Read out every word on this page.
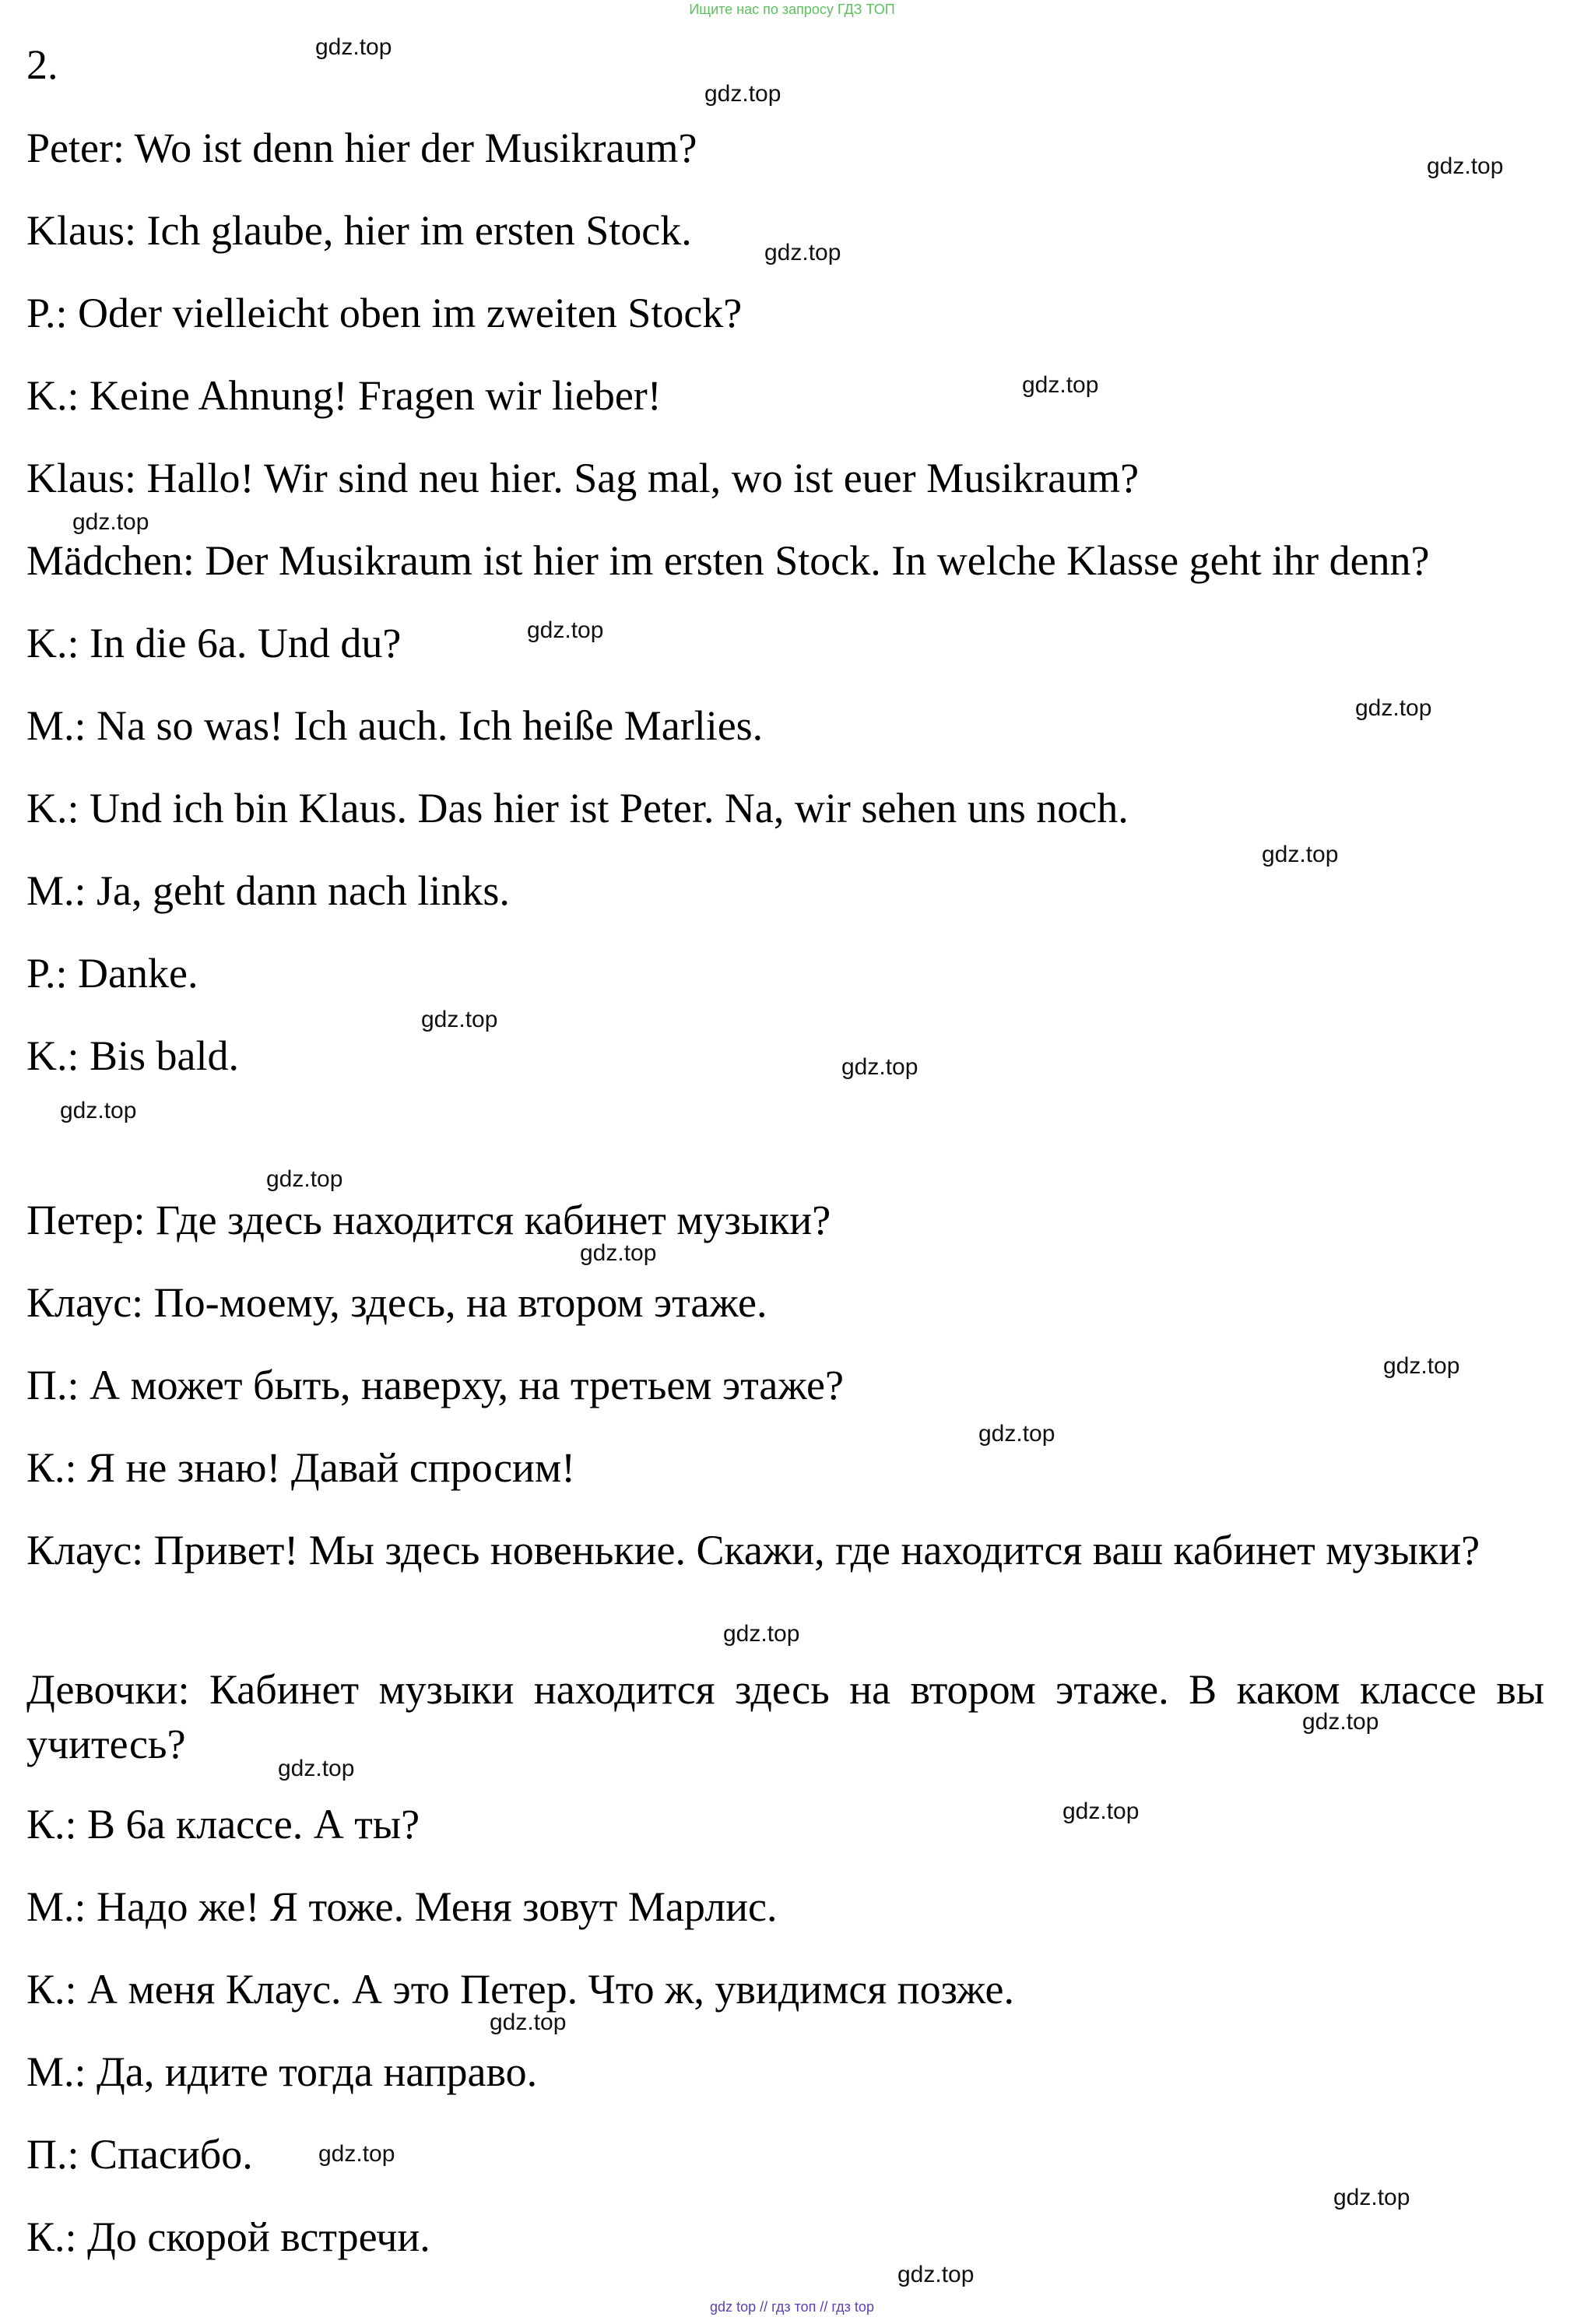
Ищите нас по запросу ГДЗ ТОП
2.
Peter: Wo ist denn hier der Musikraum?
Klaus: Ich glaube, hier im ersten Stock.
P.: Oder vielleicht oben im zweiten Stock?
K.: Keine Ahnung! Fragen wir lieber!
Klaus: Hallo! Wir sind neu hier. Sag mal, wo ist euer Musikraum?
Mädchen: Der Musikraum ist hier im ersten Stock. In welche Klasse geht ihr denn?
K.: In die 6a. Und du?
M.: Na so was! Ich auch. Ich heiße Marlies.
K.: Und ich bin Klaus. Das hier ist Peter. Na, wir sehen uns noch.
M.: Ja, geht dann nach links.
P.: Danke.
K.: Bis bald.
Петер: Где здесь находится кабинет музыки?
Клаус: По-моему, здесь, на втором этаже.
П.: А может быть, наверху, на третьем этаже?
К.: Я не знаю! Давай спросим!
Клаус: Привет! Мы здесь новенькие. Скажи, где находится ваш кабинет музыки?
Девочки: Кабинет музыки находится здесь на втором этаже. В каком классе вы учитесь?
К.: В 6а классе. А ты?
М.: Надо же! Я тоже. Меня зовут Марлис.
К.: А меня Клаус. А это Петер. Что ж, увидимся позже.
М.: Да, идите тогда направо.
П.: Спасибо.
К.: До скорой встречи.
gdz.top
gdz.top
gdz.top
gdz.top
gdz.top
gdz.top
gdz.top
gdz.top
gdz.top
gdz.top
gdz.top
gdz.top
gdz.top
gdz.top
gdz.top
gdz.top
gdz.top
gdz.top
gdz.top
gdz.top
gdz.top
gdz.top
gdz.top
gdz.top
gdz top // гдз топ // гдз top
